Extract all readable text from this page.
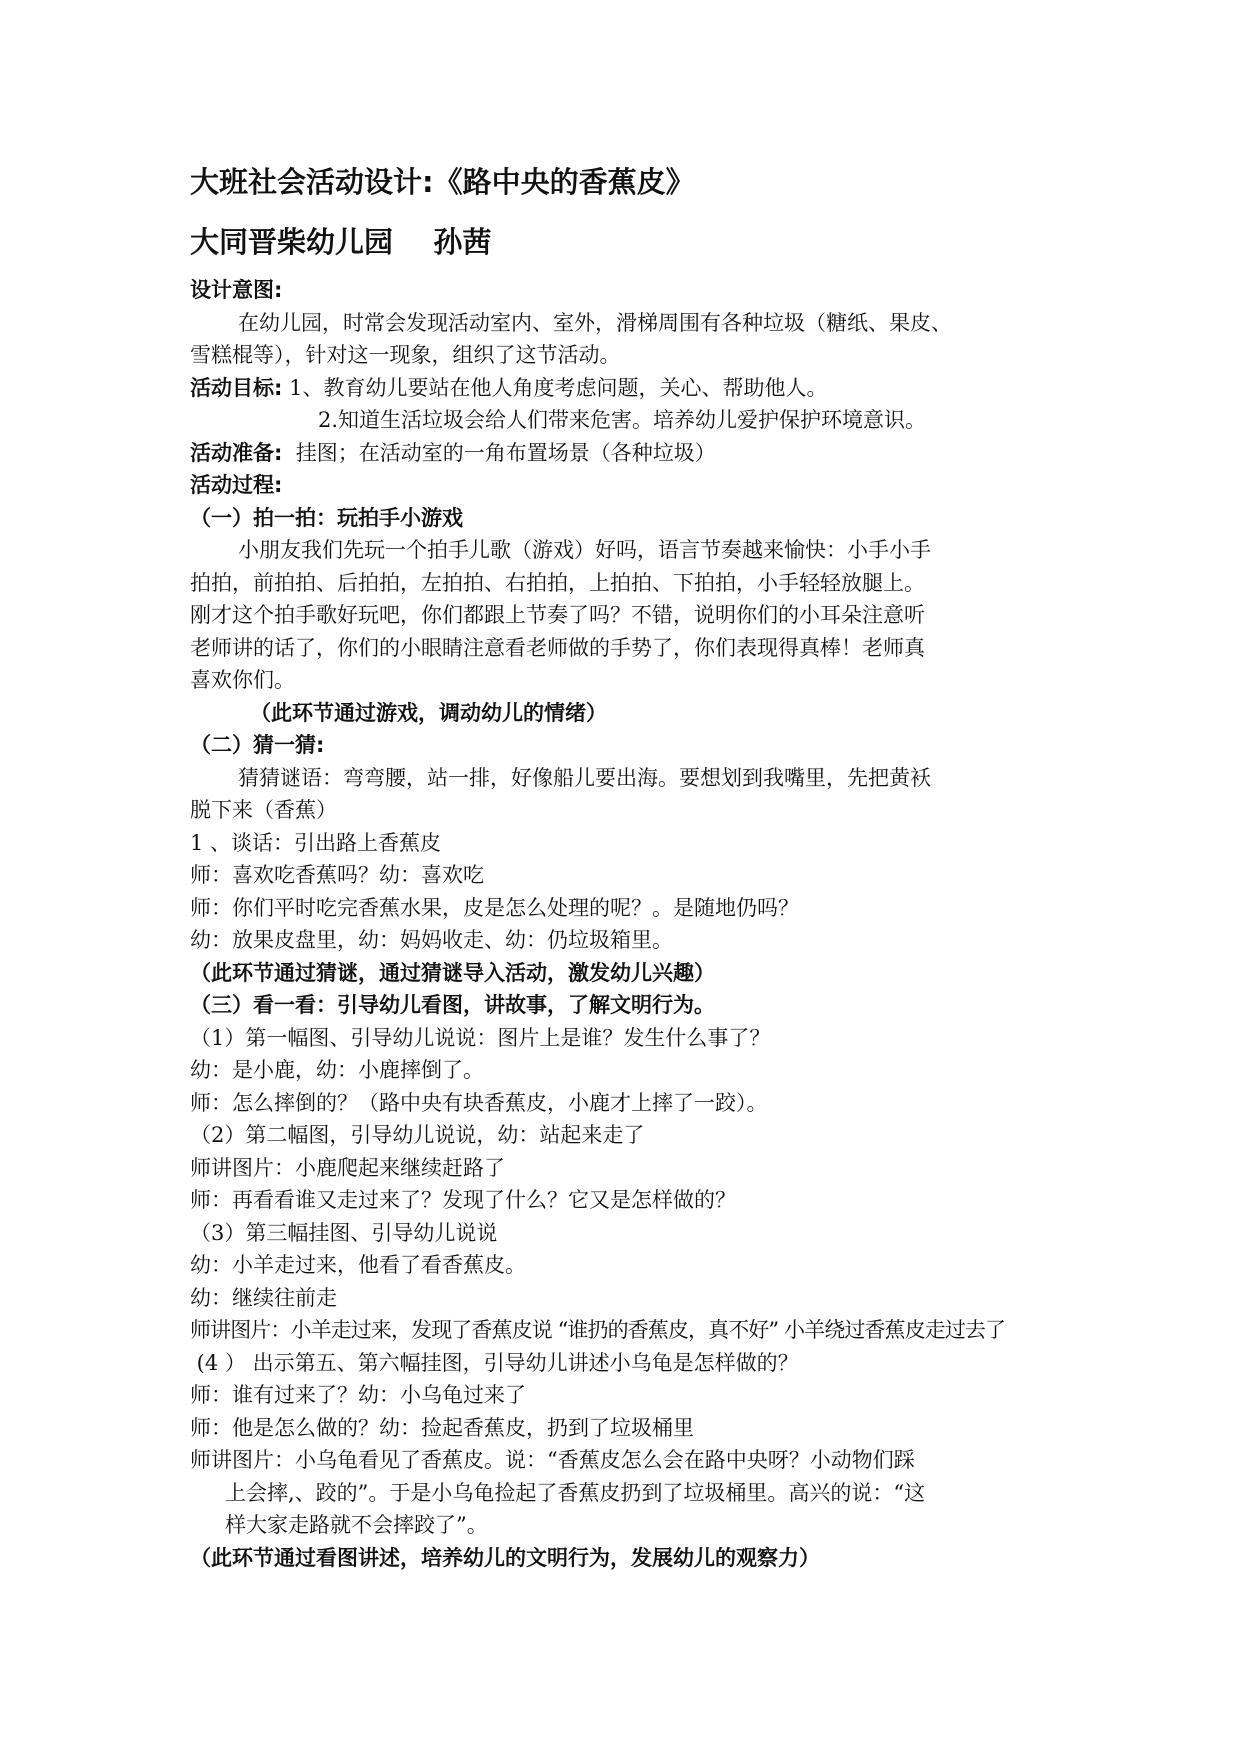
大班社会活动设计:《路中央的香蕉皮》
大同晋柴幼儿园    孙茜
设计意图:
在幼儿园，时常会发现活动室内、室外，滑梯周围有各种垃圾（糖纸、果皮、
雪糕棍等），针对这一现象，组织了这节活动。
活动目标: 1、教育幼儿要站在他人角度考虑问题，关心、帮助他人。
2.知道生活垃圾会给人们带来危害。培养幼儿爱护保护环境意识。
活动准备:  挂图；在活动室的一角布置场景（各种垃圾）
活动过程:
（一）拍一拍：玩拍手小游戏
小朋友我们先玩一个拍手儿歌（游戏）好吗，语言节奏越来愉快：小手小手
拍拍，前拍拍、后拍拍，左拍拍、右拍拍，上拍拍、下拍拍，小手轻轻放腿上。
刚才这个拍手歌好玩吧，你们都跟上节奏了吗？不错，说明你们的小耳朵注意听
老师讲的话了，你们的小眼睛注意看老师做的手势了，你们表现得真棒！老师真
喜欢你们。
（此环节通过游戏，调动幼儿的情绪）
（二）猜一猜:
猜猜谜语：弯弯腰，站一排，好像船儿要出海。要想划到我嘴里，先把黄袄
脱下来（香蕉）
1 、谈话：引出路上香蕉皮
师：喜欢吃香蕉吗？幼：喜欢吃
师：你们平时吃完香蕉水果，皮是怎么处理的呢？。是随地仍吗？
幼：放果皮盘里，幼：妈妈收走、幼：仍垃圾箱里。
（此环节通过猜谜，通过猜谜导入活动，激发幼儿兴趣）
（三）看一看：引导幼儿看图，讲故事，了解文明行为。
（1）第一幅图、引导幼儿说说：图片上是谁？发生什么事了？
幼：是小鹿，幼：小鹿摔倒了。
师：怎么摔倒的？（路中央有块香蕉皮，小鹿才上摔了一跤）。
（2）第二幅图，引导幼儿说说，幼：站起来走了
师讲图片：小鹿爬起来继续赶路了
师：再看看谁又走过来了？发现了什么？它又是怎样做的？
（3）第三幅挂图、引导幼儿说说
幼：小羊走过来，他看了看香蕉皮。
幼：继续往前走
师讲图片：小羊走过来，发现了香蕉皮说 “谁扔的香蕉皮，真不好” 小羊绕过香蕉皮走过去了
(4 ） 出示第五、第六幅挂图，引导幼儿讲述小乌龟是怎样做的？
师：谁有过来了？幼：小乌龟过来了
师：他是怎么做的？幼：捡起香蕉皮，扔到了垃圾桶里
师讲图片：小乌龟看见了香蕉皮。说：“香蕉皮怎么会在路中央呀？小动物们踩
上会摔,、跤的”。于是小乌龟捡起了香蕉皮扔到了垃圾桶里。高兴的说：“这
样大家走路就不会摔跤了”。
（此环节通过看图讲述，培养幼儿的文明行为，发展幼儿的观察力）
